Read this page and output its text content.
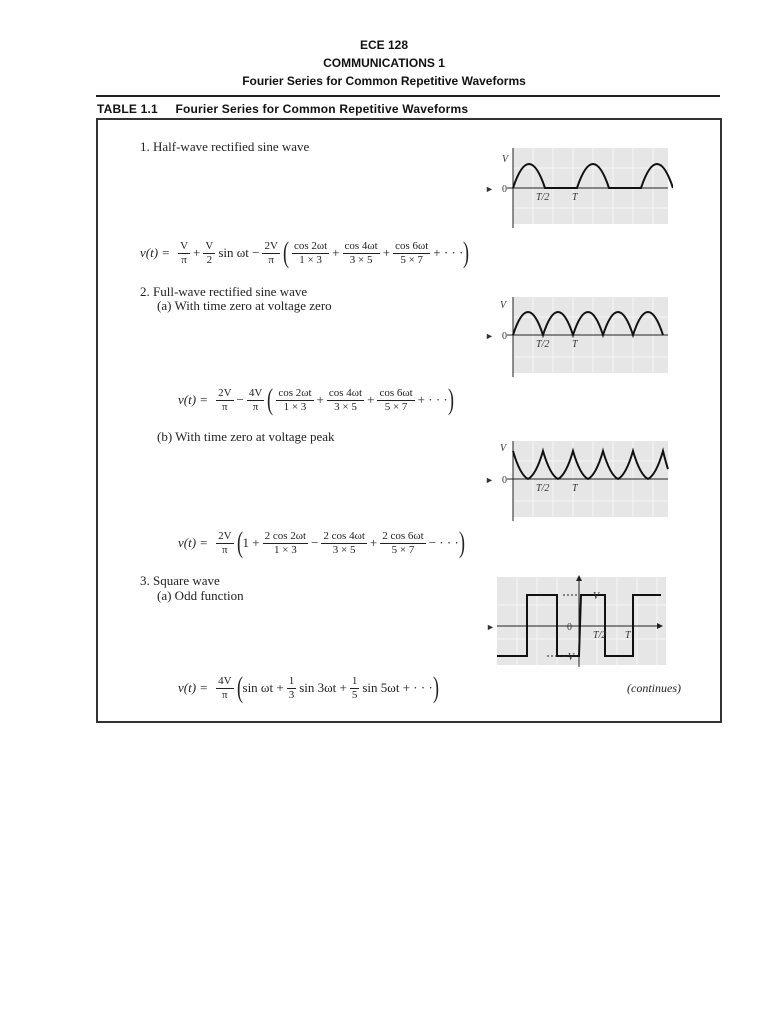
ECE 128
COMMUNICATIONS 1
Fourier Series for Common Repetitive Waveforms
TABLE 1.1 Fourier Series for Common Repetitive Waveforms
1. Half-wave rectified sine wave
V
0
►
T/2 T
$v(t) = \frac{V}{\pi} + \frac{V}{2}$ $\sin \omega t - \frac{2V}{\pi}$ ( $\frac{\cos 2\omega t}{1 \times 3} + \frac{\cos 4\omega t}{3 \times 5} + \frac{\cos 6\omega t}{5 \times 7}$ + · · · )
2. Full-wave rectified sine wave
(a) With time zero at voltage zero	V
0
►
T/2 T
$v(t) = \frac{2V}{\pi} - \frac{4V}{\pi}$ ( $\frac{\cos 2\omega t}{1 \times 3} + \frac{\cos 4\omega t}{3 \times 5} + \frac{\cos 6\omega t}{5 \times 7}$ + · · · )
(b) With time zero at voltage peak
V
0
►
T/2 T
$v(t) = \frac{2V}{\pi}$ ( $1 + \frac{2 \cos 2\omega t}{1 \times 3} - \frac{2 \cos 4\omega t}{3 \times 5} + \frac{2 \cos 6\omega t}{5 \times 7}$ − · · · )
3. Square wave
(a) Odd function	V
0
−V
►
T/2 T
$v(t) = \frac{4V}{\pi}$ ( $\sin \omega t + \frac{1}{3}$ $\sin 3\omega t + \frac{1}{5}$ sin 5ωt + · · · )	(continues)
